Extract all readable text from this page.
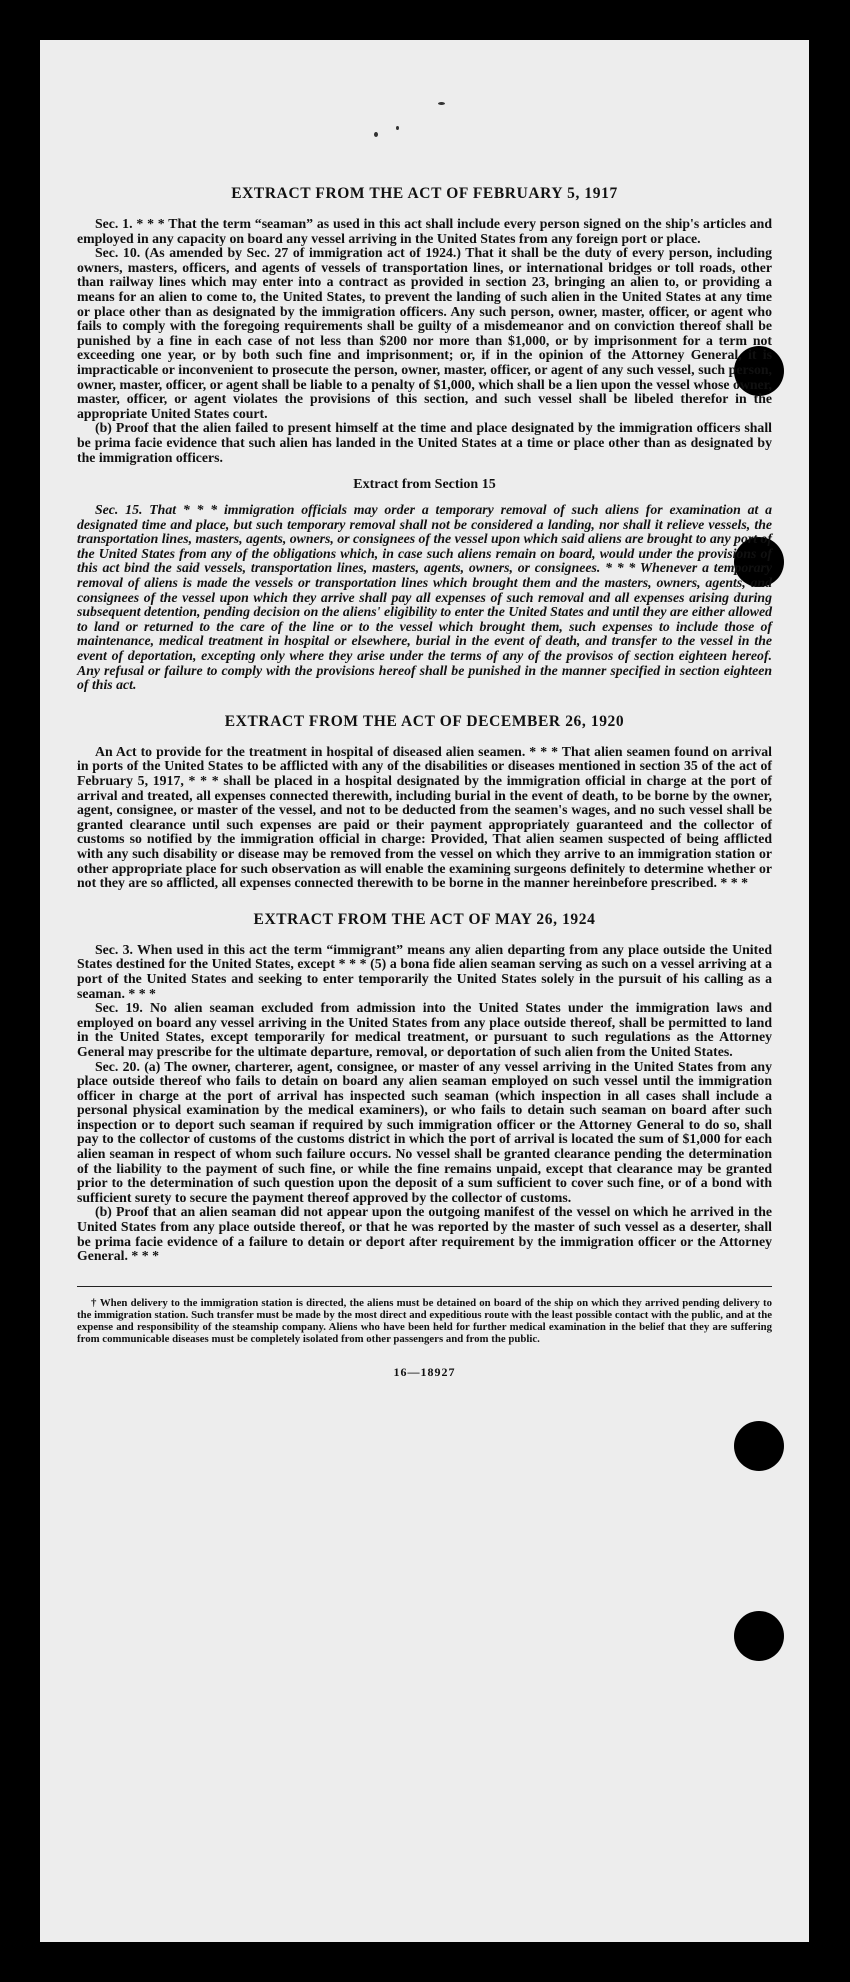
EXTRACT FROM THE ACT OF FEBRUARY 5, 1917

Sec. 1. * * * That the term “seaman” as used in this act shall include every person signed on the ship's articles and employed in any capacity on board any vessel arriving in the United States from any foreign port or place.

Sec. 10. (As amended by Sec. 27 of immigration act of 1924.) That it shall be the duty of every person, including owners, masters, officers, and agents of vessels of transportation lines, or international bridges or toll roads, other than railway lines which may enter into a contract as provided in section 23, bringing an alien to, or providing a means for an alien to come to, the United States, to prevent the landing of such alien in the United States at any time or place other than as designated by the immigration officers. Any such person, owner, master, officer, or agent who fails to comply with the foregoing requirements shall be guilty of a misdemeanor and on conviction thereof shall be punished by a fine in each case of not less than $200 nor more than $1,000, or by imprisonment for a term not exceeding one year, or by both such fine and imprisonment; or, if in the opinion of the Attorney General, it is impracticable or inconvenient to prosecute the person, owner, master, officer, or agent of any such vessel, such person, owner, master, officer, or agent shall be liable to a penalty of $1,000, which shall be a lien upon the vessel whose owner, master, officer, or agent violates the provisions of this section, and such vessel shall be libeled therefor in the appropriate United States court.

(b) Proof that the alien failed to present himself at the time and place designated by the immigration officers shall be prima facie evidence that such alien has landed in the United States at a time or place other than as designated by the immigration officers.

Extract from Section 15

Sec. 15. That * * * immigration officials may order a temporary removal of such aliens for examination at a designated time and place, but such temporary removal shall not be considered a landing, nor shall it relieve vessels, the transportation lines, masters, agents, owners, or consignees of the vessel upon which said aliens are brought to any port of the United States from any of the obligations which, in case such aliens remain on board, would under the provisions of this act bind the said vessels, transportation lines, masters, agents, owners, or consignees. * * * Whenever a temporary removal of aliens is made the vessels or transportation lines which brought them and the masters, owners, agents, and consignees of the vessel upon which they arrive shall pay all expenses of such removal and all expenses arising during subsequent detention, pending decision on the aliens' eligibility to enter the United States and until they are either allowed to land or returned to the care of the line or to the vessel which brought them, such expenses to include those of maintenance, medical treatment in hospital or elsewhere, burial in the event of death, and transfer to the vessel in the event of deportation, excepting only where they arise under the terms of any of the provisos of section eighteen hereof. Any refusal or failure to comply with the provisions hereof shall be punished in the manner specified in section eighteen of this act.

EXTRACT FROM THE ACT OF DECEMBER 26, 1920

An Act to provide for the treatment in hospital of diseased alien seamen. * * * That alien seamen found on arrival in ports of the United States to be afflicted with any of the disabilities or diseases mentioned in section 35 of the act of February 5, 1917, * * * shall be placed in a hospital designated by the immigration official in charge at the port of arrival and treated, all expenses connected therewith, including burial in the event of death, to be borne by the owner, agent, consignee, or master of the vessel, and not to be deducted from the seamen's wages, and no such vessel shall be granted clearance until such expenses are paid or their payment appropriately guaranteed and the collector of customs so notified by the immigration official in charge: Provided, That alien seamen suspected of being afflicted with any such disability or disease may be removed from the vessel on which they arrive to an immigration station or other appropriate place for such observation as will enable the examining surgeons definitely to determine whether or not they are so afflicted, all expenses connected therewith to be borne in the manner hereinbefore prescribed. * * *

EXTRACT FROM THE ACT OF MAY 26, 1924

Sec. 3. When used in this act the term “immigrant” means any alien departing from any place outside the United States destined for the United States, except * * * (5) a bona fide alien seaman serving as such on a vessel arriving at a port of the United States and seeking to enter temporarily the United States solely in the pursuit of his calling as a seaman. * * *

Sec. 19. No alien seaman excluded from admission into the United States under the immigration laws and employed on board any vessel arriving in the United States from any place outside thereof, shall be permitted to land in the United States, except temporarily for medical treatment, or pursuant to such regulations as the Attorney General may prescribe for the ultimate departure, removal, or deportation of such alien from the United States.

Sec. 20. (a) The owner, charterer, agent, consignee, or master of any vessel arriving in the United States from any place outside thereof who fails to detain on board any alien seaman employed on such vessel until the immigration officer in charge at the port of arrival has inspected such seaman (which inspection in all cases shall include a personal physical examination by the medical examiners), or who fails to detain such seaman on board after such inspection or to deport such seaman if required by such immigration officer or the Attorney General to do so, shall pay to the collector of customs of the customs district in which the port of arrival is located the sum of $1,000 for each alien seaman in respect of whom such failure occurs. No vessel shall be granted clearance pending the determination of the liability to the payment of such fine, or while the fine remains unpaid, except that clearance may be granted prior to the determination of such question upon the deposit of a sum sufficient to cover such fine, or of a bond with sufficient surety to secure the payment thereof approved by the collector of customs.

(b) Proof that an alien seaman did not appear upon the outgoing manifest of the vessel on which he arrived in the United States from any place outside thereof, or that he was reported by the master of such vessel as a deserter, shall be prima facie evidence of a failure to detain or deport after requirement by the immigration officer or the Attorney General. * * *

† When delivery to the immigration station is directed, the aliens must be detained on board of the ship on which they arrived pending delivery to the immigration station. Such transfer must be made by the most direct and expeditious route with the least possible contact with the public, and at the expense and responsibility of the steamship company. Aliens who have been held for further medical examination in the belief that they are suffering from communicable diseases must be completely isolated from other passengers and from the public.

16—18927
